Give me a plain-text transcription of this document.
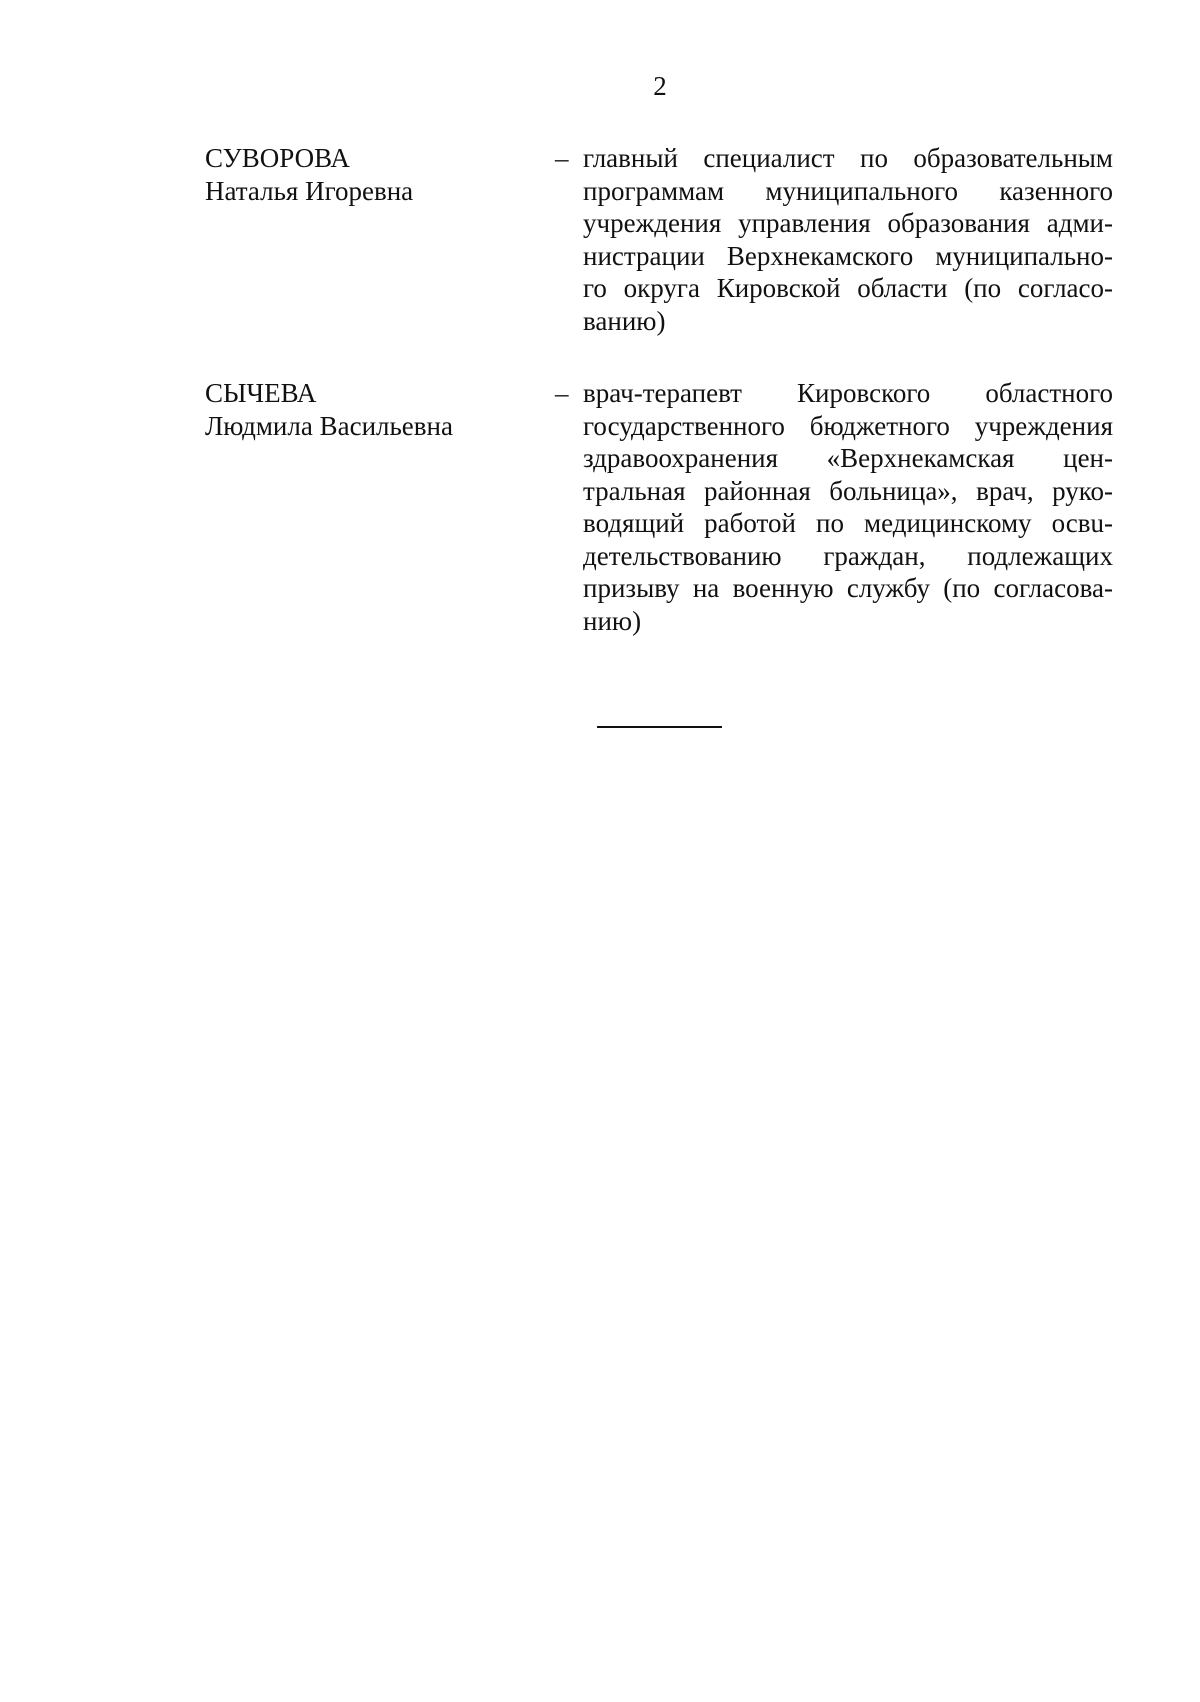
2
СУВОРОВА
Наталья Игоревна
– главный специалист по образовательным
программам муниципального казенного
учреждения управления образования адми-
нистрации Верхнекамского муниципально-
го округа Кировской области (по согласо-
ванию)
СЫЧЕВА
Людмила Васильевна
– врач-терапевт Кировского областного
государственного бюджетного учреждения
здравоохранения «Верхнекамская цен-
тральная районная больница», врач, руко-
водящий работой по медицинскому освu-
детельствованию граждан, подлежащих
призыву на военную службу (по согласова-
нию)
